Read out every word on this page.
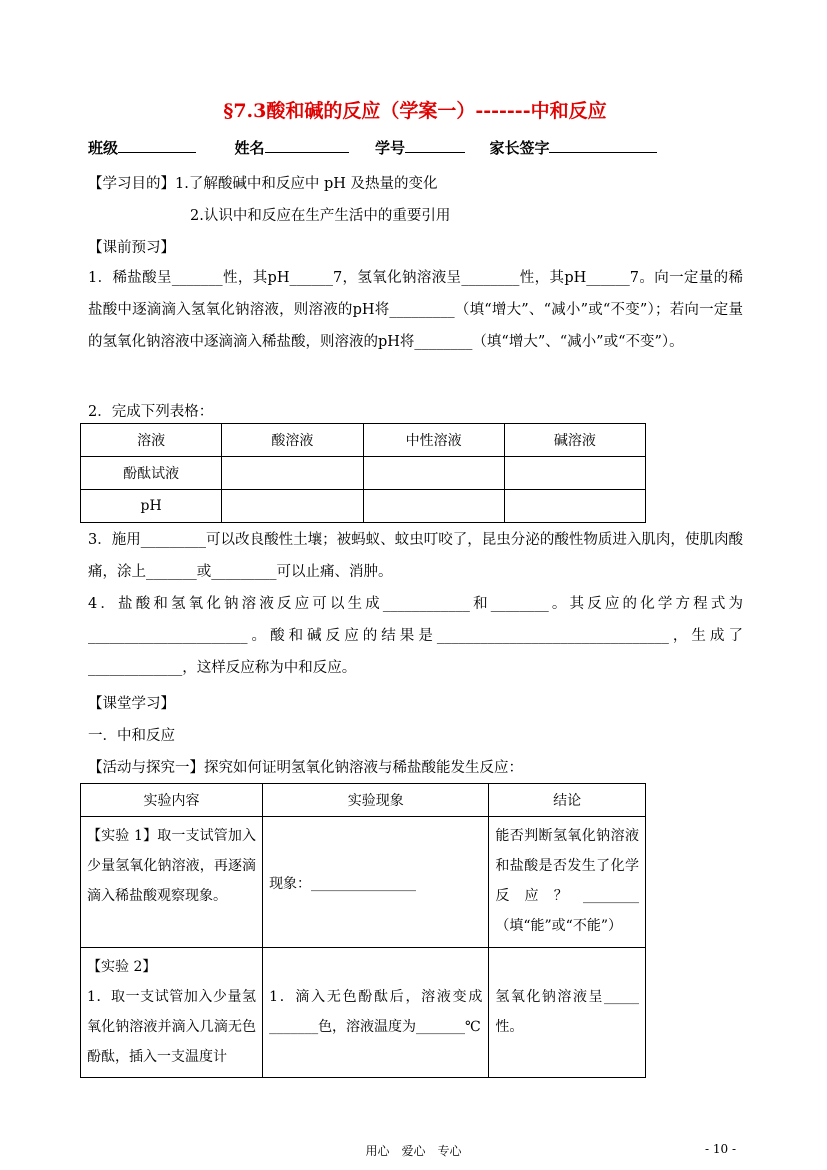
§7.3酸和碱的反应（学案一）-------中和反应
班级	姓名	学号	家长签字
【学习目的】1.了解酸碱中和反应中 pH 及热量的变化
2.认识中和反应在生产生活中的重要引用
【课前预习】
1．稀盐酸呈_______性，其pH______7，氢氧化钠溶液呈________性，其pH______7。向一定量的稀盐酸中逐滴滴入氢氧化钠溶液，则溶液的pH将_________（填“增大”、“减小”或“不变”）；若向一定量的氢氧化钠溶液中逐滴滴入稀盐酸，则溶液的pH将________（填“增大”、“减小”或“不变”）。
2．完成下列表格：
溶液	酸溶液	中性溶液	碱溶液
酚酞试液			
pH			
3．施用_________可以改良酸性土壤；被蚂蚁、蚊虫叮咬了，昆虫分泌的酸性物质进入肌肉，使肌肉酸痛，涂上_______或_________可以止痛、消肿。
4．盐酸和氢氧化钠溶液反应可以生成____________和________。其反应的化学方程式为______________________。酸和碱反应的结果是________________________________，生成了_____________，这样反应称为中和反应。
【课堂学习】
一．中和反应
【活动与探究一】探究如何证明氢氧化钠溶液与稀盐酸能发生反应：
实验内容	实验现象	结论

【实验 1】取一支试管加入少量氢氧化钠溶液，再逐滴滴入稀盐酸观察现象。	现象：_______________	能否判断氢氧化钠溶液和盐酸是否发生了化学反应？________（填“能”或“不能”）

【实验 2】
1．取一支试管加入少量氢氧化钠溶液并滴入几滴无色酚酞，插入一支温度计	1．滴入无色酚酞后，溶液变成_______色，溶液温度为_______℃	氢氧化钠溶液呈_____性。
用心　爱心　专心	- 10 -
